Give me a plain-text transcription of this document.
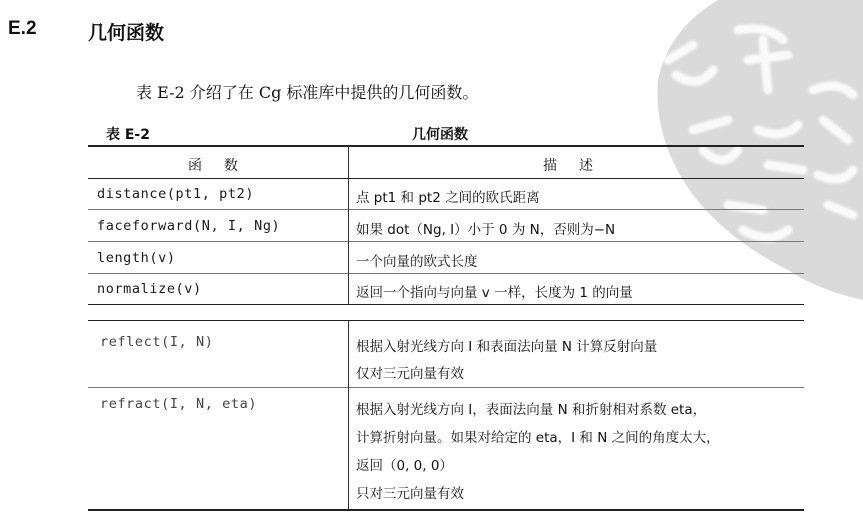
E.2	几何函数
表 E-2 介绍了在 Cg 标准库中提供的几何函数。
表 E-2	几何函数
函数	描述
distance(pt1, pt2)	点 pt1 和 pt2 之间的欧氏距离
faceforward(N, I, Ng)	如果 dot（Ng, I）小于 0 为 N，否则为−N
length(v)	一个向量的欧式长度
normalize(v)	返回一个指向与向量 v 一样，长度为 1 的向量
reflect(I, N)	根据入射光线方向 I 和表面法向量 N 计算反射向量
仅对三元向量有效
refract(I, N, eta)	根据入射光线方向 I，表面法向量 N 和折射相对系数 eta，
计算折射向量。如果对给定的 eta，I 和 N 之间的角度太大，
返回（0, 0, 0）
只对三元向量有效
